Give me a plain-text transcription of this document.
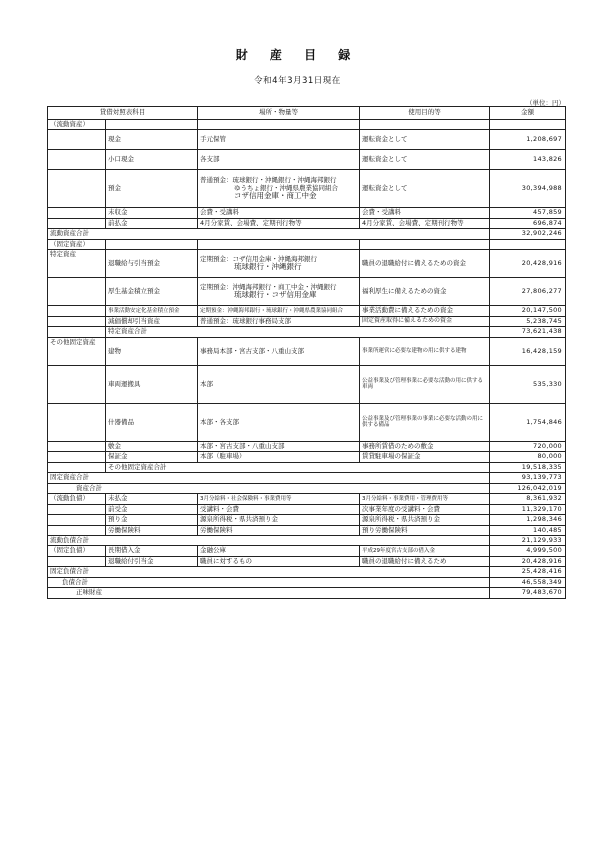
財 産 目 録
令和4年3月31日現在
（単位：円）
貸借対照表科目		場所・物量等	使用目的等	金額
（流動資産）				
	現金	手元保管	運転資金として	1,208,697
	小口現金	各支部	運転資金として	143,826
	預金	普通預金：琉球銀行・沖縄銀行・沖縄海邦銀行
ゆうちょ銀行・沖縄県農業協同組合
コザ信用金庫・商工中金	運転資金として	30,394,988
	未収金	会費・受講料	会費・受講料	457,859
	前払金	4月分家賃、会場費、定期刊行物等	4月分家賃、会場費、定期刊行物等	696,874
流動資産合計				32,902,246
（固定資産）				
特定資産	退職給与引当預金	定期預金：コザ信用金庫・沖縄海邦銀行
琉球銀行・沖縄銀行	職員の退職給付に備えるための資金	20,428,916
	厚生基金積立預金	定期預金：沖縄海邦銀行・商工中金・沖縄銀行
琉球銀行・コザ信用金庫	福利厚生に備えるための資金	27,806,277
	事業活動安定化基金積立預金	定期預金：沖縄海邦銀行・琉球銀行・沖縄県農業協同組合	事業活動費に備えるための資金	20,147,500
	減価償却引当資産	普通預金：琉球銀行事務局支部	固定資産取得に備えるための資金	5,238,745
	特定資産合計			73,621,438
その他固定資産	建物	事務局本部・宮古支部・八重山支部	事業所運営に必要な建物の用に供する建物	16,428,159
	車両運搬具	本部	公益事業及び管理事業に必要な活動の用に供する車両	535,330
	什器備品	本部・各支部	公益事業及び管理事業の事業に必要な活動の用に供する備品	1,754,846
	敷金	本部・宮古支部・八重山支部	事務所賃借のための敷金	720,000
	保証金	本部（駐車場）	賃貸駐車場の保証金	80,000
	その他固定資産合計			19,518,335
固定資産合計				93,139,773
資産合計				126,042,019
（流動負債）	未払金	3月分給料・社会保険料・事業費用等	3月分給料・事業費用・管理費用等	8,361,932
	前受金	受講料・会費	次事業年度の受講料・会費	11,329,170
	預り金	源泉所得税・県共済預り金	源泉所得税・県共済預り金	1,298,346
	労働保険料	労働保険料	預り労働保険料	140,485
流動負債合計				21,129,933
（固定負債）	長期借入金	金融公庫	平成29年度宮古支部の借入金	4,999,500
	退職給付引当金	職員に対するもの	職員の退職給付に備えるため	20,428,916
固定負債合計				25,428,416
負債合計				46,558,349
正味財産				79,483,670
